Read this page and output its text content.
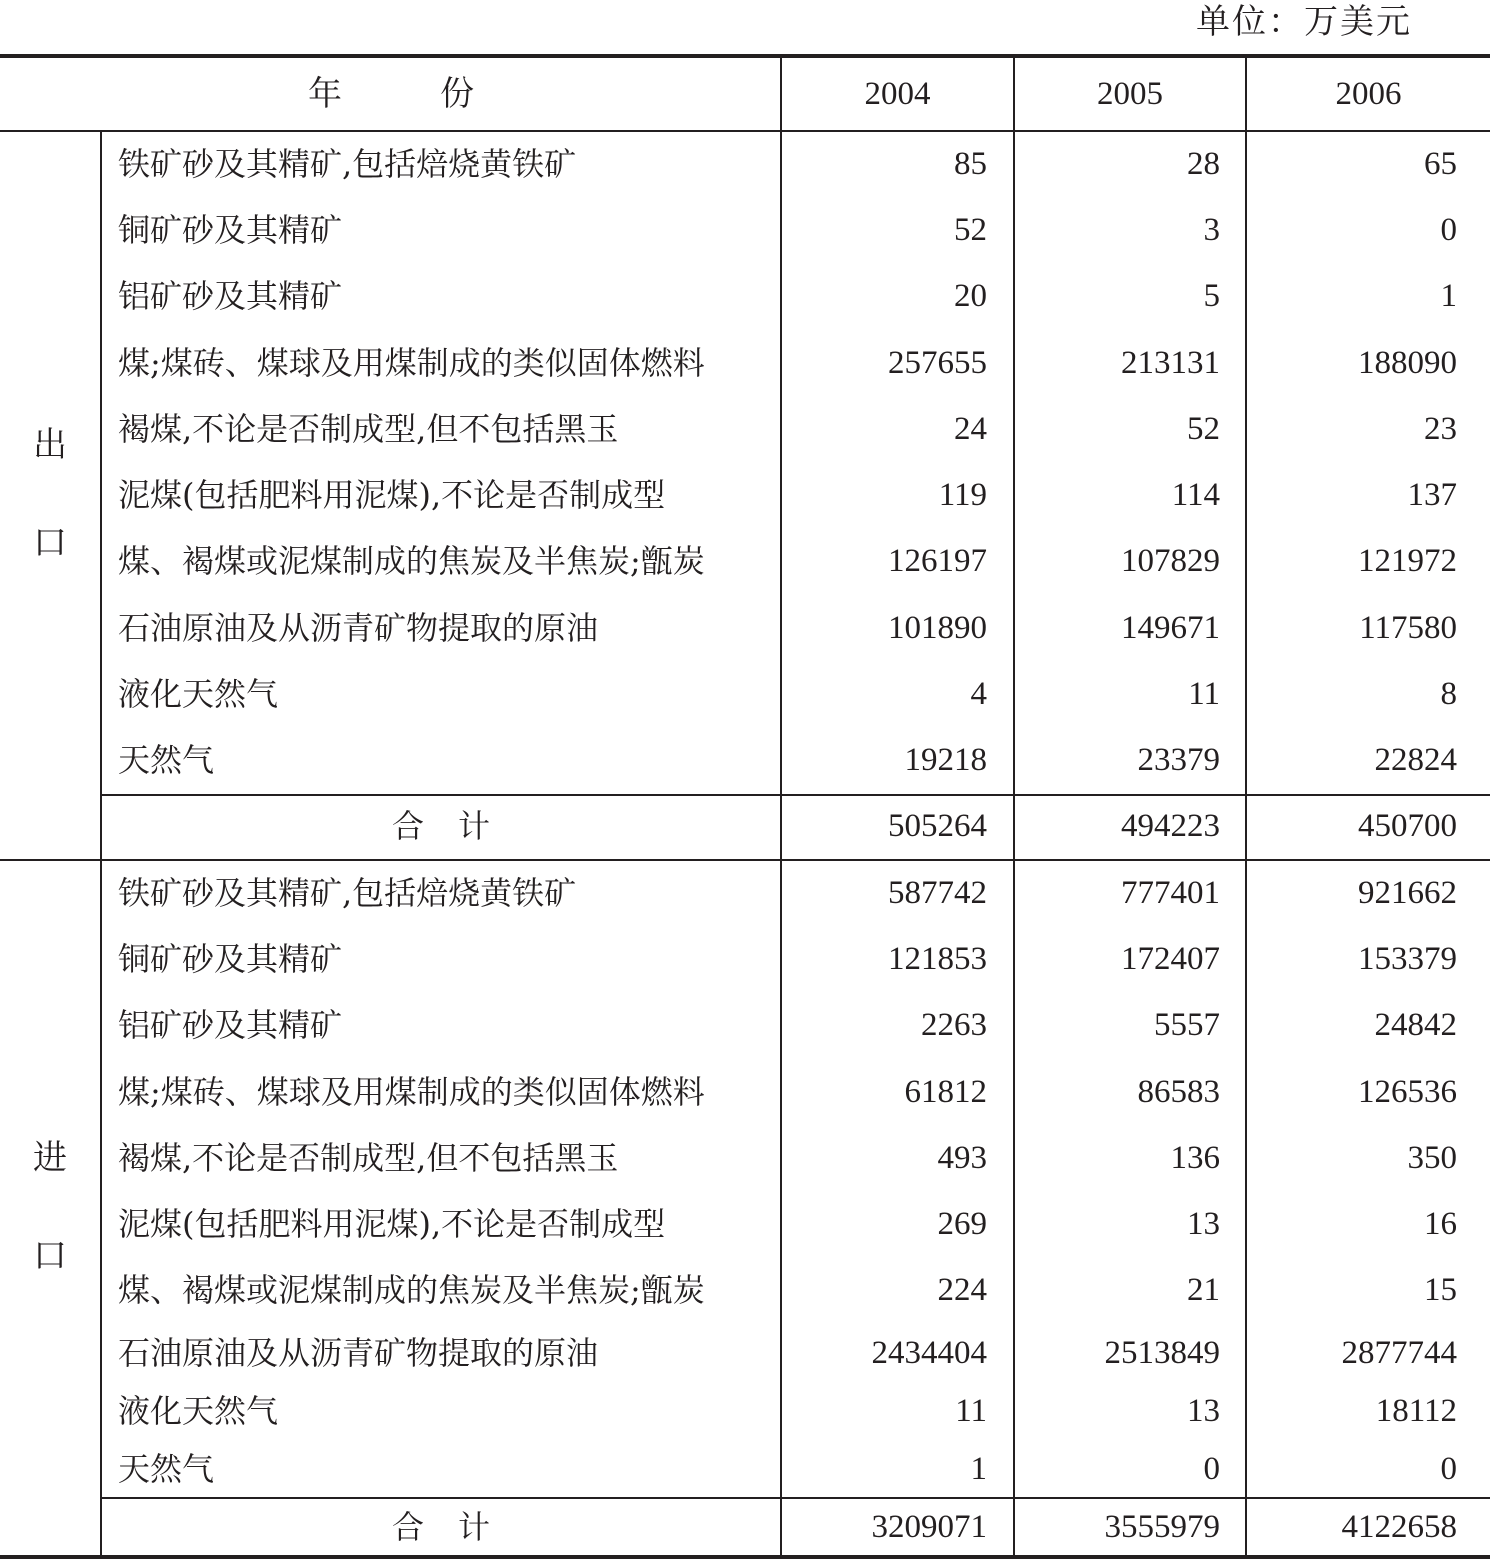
单位：万美元
年	份	2004	2005	2006
出
口
铁矿砂及其精矿,包括焙烧黄铁矿	85	28	65
铜矿砂及其精矿	52	3	0
铝矿砂及其精矿	20	5	1
煤;煤砖、煤球及用煤制成的类似固体燃料	257655	213131	188090
褐煤,不论是否制成型,但不包括黑玉	24	52	23
泥煤(包括肥料用泥煤),不论是否制成型	119	114	137
煤、褐煤或泥煤制成的焦炭及半焦炭;甑炭	126197	107829	121972
石油原油及从沥青矿物提取的原油	101890	149671	117580
液化天然气	4	11	8
天然气	19218	23379	22824
合 计	505264	494223	450700
进
口
铁矿砂及其精矿,包括焙烧黄铁矿	587742	777401	921662
铜矿砂及其精矿	121853	172407	153379
铝矿砂及其精矿	2263	5557	24842
煤;煤砖、煤球及用煤制成的类似固体燃料	61812	86583	126536
褐煤,不论是否制成型,但不包括黑玉	493	136	350
泥煤(包括肥料用泥煤),不论是否制成型	269	13	16
煤、褐煤或泥煤制成的焦炭及半焦炭;甑炭	224	21	15
石油原油及从沥青矿物提取的原油	2434404	2513849	2877744
液化天然气	11	13	18112
天然气	1	0	0
合 计	3209071	3555979	4122658
